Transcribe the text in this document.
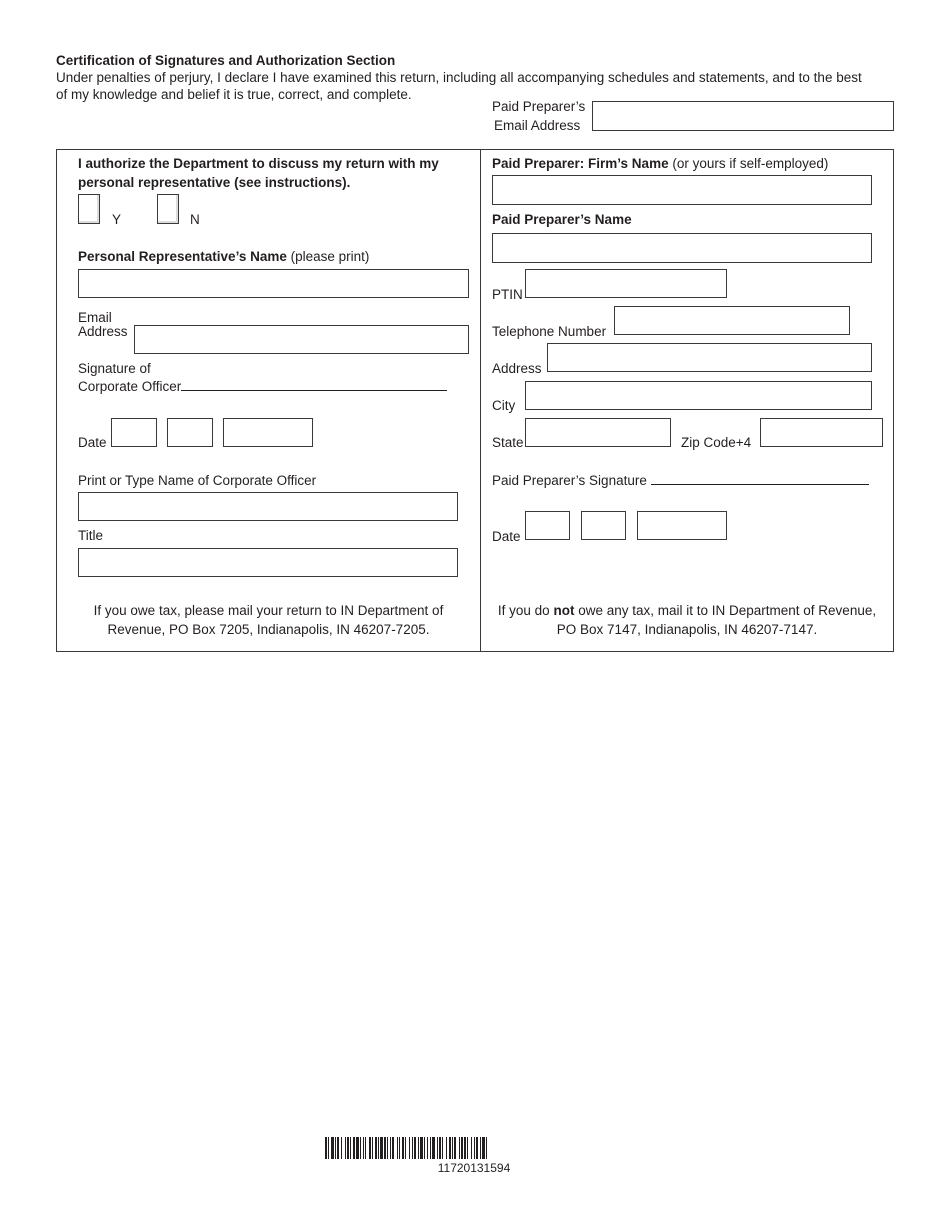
Certification of Signatures and Authorization Section
Under penalties of perjury, I declare I have examined this return, including all accompanying schedules and statements, and to the best
of my knowledge and belief it is true, correct, and complete.
Paid Preparer’s
Email Address
I authorize the Department to discuss my return with my
personal representative (see instructions).
Y	N
Personal Representative’s Name (please print)
Email
Address
Signature of
Corporate Officer
Date
Print or Type Name of Corporate Officer
Title
If you owe tax, please mail your return to IN Department of
Revenue, PO Box 7205, Indianapolis, IN 46207-7205.
Paid Preparer: Firm’s Name (or yours if self-employed)
Paid Preparer’s Name
PTIN
Telephone Number
Address
City
State	Zip Code+4
Paid Preparer’s Signature
Date
If you do not owe any tax, mail it to IN Department of Revenue,
PO Box 7147, Indianapolis, IN 46207-7147.
11720131594
